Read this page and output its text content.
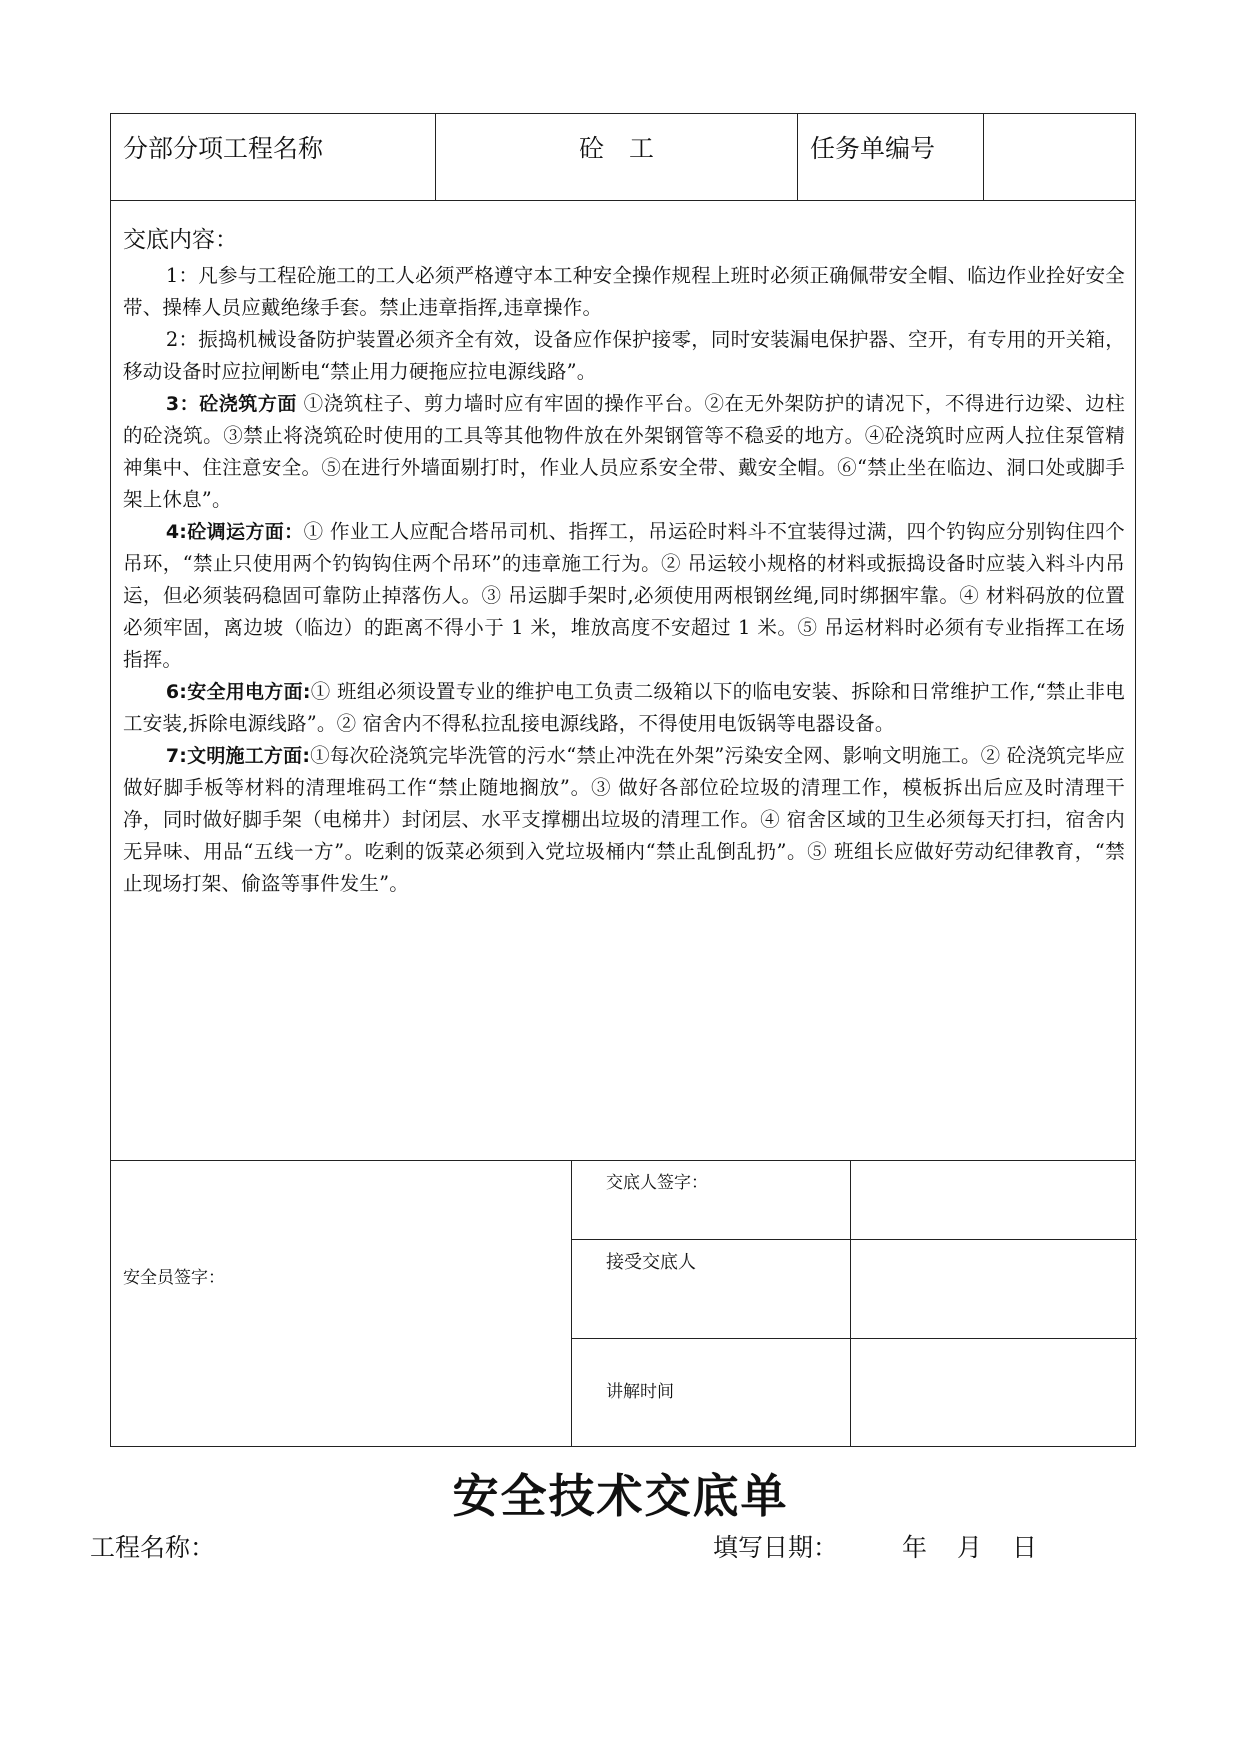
分部分项工程名称	砼　工	任务单编号
交底内容：

1：凡参与工程砼施工的工人必须严格遵守本工种安全操作规程上班时必须正确佩带安全帽、临边作业拴好安全带、操棒人员应戴绝缘手套。禁止违章指挥,违章操作。

2：振捣机械设备防护装置必须齐全有效，设备应作保护接零，同时安装漏电保护器、空开，有专用的开关箱，移动设备时应拉闸断电“禁止用力硬拖应拉电源线路”。

3：砼浇筑方面 ①浇筑柱子、剪力墙时应有牢固的操作平台。②在无外架防护的请况下，不得进行边梁、边柱的砼浇筑。③禁止将浇筑砼时使用的工具等其他物件放在外架钢管等不稳妥的地方。④砼浇筑时应两人拉住泵管精神集中、住注意安全。⑤在进行外墙面剔打时，作业人员应系安全带、戴安全帽。⑥“禁止坐在临边、洞口处或脚手架上休息”。

4:砼调运方面：① 作业工人应配合塔吊司机、指挥工，吊运砼时料斗不宜装得过满，四个钓钩应分别钩住四个吊环，“禁止只使用两个钓钩钩住两个吊环”的违章施工行为。② 吊运较小规格的材料或振捣设备时应装入料斗内吊运，但必须装码稳固可靠防止掉落伤人。③ 吊运脚手架时,必须使用两根钢丝绳,同时绑捆牢靠。④ 材料码放的位置必须牢固，离边坡（临边）的距离不得小于 1 米，堆放高度不安超过 1 米。⑤ 吊运材料时必须有专业指挥工在场指挥。

6:安全用电方面:① 班组必须设置专业的维护电工负责二级箱以下的临电安装、拆除和日常维护工作,“禁止非电工安装,拆除电源线路”。② 宿舍内不得私拉乱接电源线路，不得使用电饭锅等电器设备。

7:文明施工方面:①每次砼浇筑完毕洗管的污水“禁止冲洗在外架”污染安全网、影响文明施工。② 砼浇筑完毕应做好脚手板等材料的清理堆码工作“禁止随地搁放”。③ 做好各部位砼垃圾的清理工作，模板拆出后应及时清理干净，同时做好脚手架（电梯井）封闭层、水平支撑棚出垃圾的清理工作。④ 宿舍区域的卫生必须每天打扫，宿舍内无异味、用品“五线一方”。吃剩的饭菜必须到入党垃圾桶内“禁止乱倒乱扔”。⑤ 班组长应做好劳动纪律教育，“禁止现场打架、偷盗等事件发生”。

安全员签字：
交底人签字：
接受交底人
讲解时间
安全技术交底单
工程名称：	填写日期：	年 月 日
